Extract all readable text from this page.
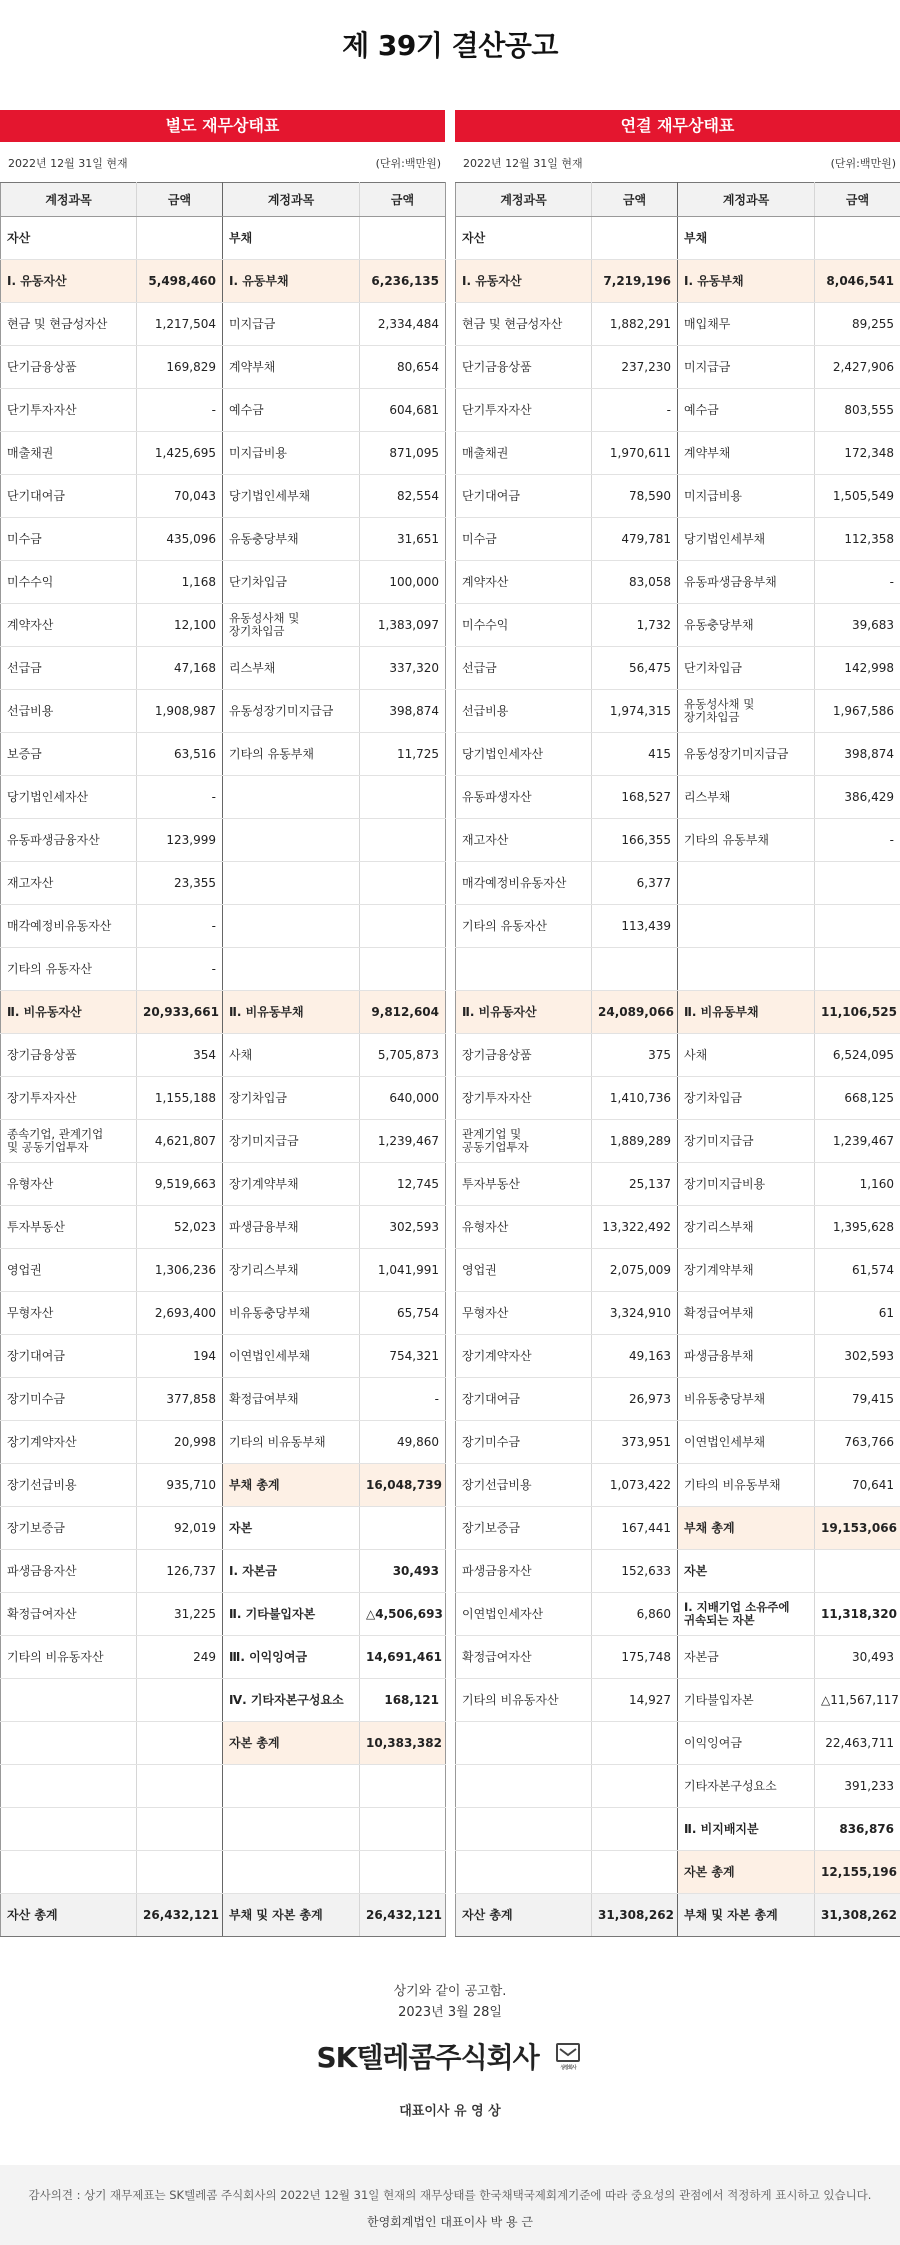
제 39기 결산공고
별도 재무상태표
2022년 12월 31일 현재	(단위:백만원)
계정과목	금액	계정과목	금액
자산		부채	
Ⅰ. 유동자산	5,498,460	Ⅰ. 유동부채	6,236,135
현금 및 현금성자산	1,217,504	미지급금	2,334,484
단기금융상품	169,829	계약부채	80,654
단기투자자산	-	예수금	604,681
매출채권	1,425,695	미지급비용	871,095
단기대여금	70,043	당기법인세부채	82,554
미수금	435,096	유동충당부채	31,651
미수수익	1,168	단기차입금	100,000
계약자산	12,100	유동성사채 및
장기차입금	1,383,097
선급금	47,168	리스부채	337,320
선급비용	1,908,987	유동성장기미지급금	398,874
보증금	63,516	기타의 유동부채	11,725
당기법인세자산	-		
유동파생금융자산	123,999		
재고자산	23,355		
매각예정비유동자산	-		
기타의 유동자산	-		
Ⅱ. 비유동자산	20,933,661	Ⅱ. 비유동부채	9,812,604
장기금융상품	354	사채	5,705,873
장기투자자산	1,155,188	장기차입금	640,000
종속기업, 관계기업
및 공동기업투자	4,621,807	장기미지급금	1,239,467
유형자산	9,519,663	장기계약부채	12,745
투자부동산	52,023	파생금융부채	302,593
영업권	1,306,236	장기리스부채	1,041,991
무형자산	2,693,400	비유동충당부채	65,754
장기대여금	194	이연법인세부채	754,321
장기미수금	377,858	확정급여부채	-
장기계약자산	20,998	기타의 비유동부채	49,860
장기선급비용	935,710	부채 총계	16,048,739
장기보증금	92,019	자본	
파생금융자산	126,737	Ⅰ. 자본금	30,493
확정급여자산	31,225	Ⅱ. 기타불입자본	△4,506,693
기타의 비유동자산	249	Ⅲ. 이익잉여금	14,691,461
		Ⅳ. 기타자본구성요소	168,121
		자본 총계	10,383,382

자산 총계	26,432,121	부채 및 자본 총계	26,432,121
연결 재무상태표
2022년 12월 31일 현재	(단위:백만원)
계정과목	금액	계정과목	금액
자산		부채	
Ⅰ. 유동자산	7,219,196	Ⅰ. 유동부채	8,046,541
현금 및 현금성자산	1,882,291	매입채무	89,255
단기금융상품	237,230	미지급금	2,427,906
단기투자자산	-	예수금	803,555
매출채권	1,970,611	계약부채	172,348
단기대여금	78,590	미지급비용	1,505,549
미수금	479,781	당기법인세부채	112,358
계약자산	83,058	유동파생금융부채	-
미수수익	1,732	유동충당부채	39,683
선급금	56,475	단기차입금	142,998
선급비용	1,974,315	유동성사채 및
장기차입금	1,967,586
당기법인세자산	415	유동성장기미지급금	398,874
유동파생자산	168,527	리스부채	386,429
재고자산	166,355	기타의 유동부채	-
매각예정비유동자산	6,377		
기타의 유동자산	113,439		

Ⅱ. 비유동자산	24,089,066	Ⅱ. 비유동부채	11,106,525
장기금융상품	375	사채	6,524,095
장기투자자산	1,410,736	장기차입금	668,125
관계기업 및
공동기업투자	1,889,289	장기미지급금	1,239,467
투자부동산	25,137	장기미지급비용	1,160
유형자산	13,322,492	장기리스부채	1,395,628
영업권	2,075,009	장기계약부채	61,574
무형자산	3,324,910	확정급여부채	61
장기계약자산	49,163	파생금융부채	302,593
장기대여금	26,973	비유동충당부채	79,415
장기미수금	373,951	이연법인세부채	763,766
장기선급비용	1,073,422	기타의 비유동부채	70,641
장기보증금	167,441	부채 총계	19,153,066
파생금융자산	152,633	자본	
이연법인세자산	6,860	Ⅰ. 지배기업 소유주에
귀속되는 자본	11,318,320
확정급여자산	175,748	자본금	30,493
기타의 비유동자산	14,927	기타불입자본	△11,567,117
		이익잉여금	22,463,711
		기타자본구성요소	391,233
		Ⅱ. 비지배지분	836,876
		자본 총계	12,155,196
자산 총계	31,308,262	부채 및 자본 총계	31,308,262
상기와 같이 공고함.
2023년 3월 28일
SK텔레콤주식회사	상장회사
대표이사 유 영 상
감사의견 : 상기 재무제표는 SK텔레콤 주식회사의 2022년 12월 31일 현재의 재무상태를 한국채택국제회계기준에 따라 중요성의 관점에서 적정하게 표시하고 있습니다.
한영회계법인 대표이사 박 용 근
